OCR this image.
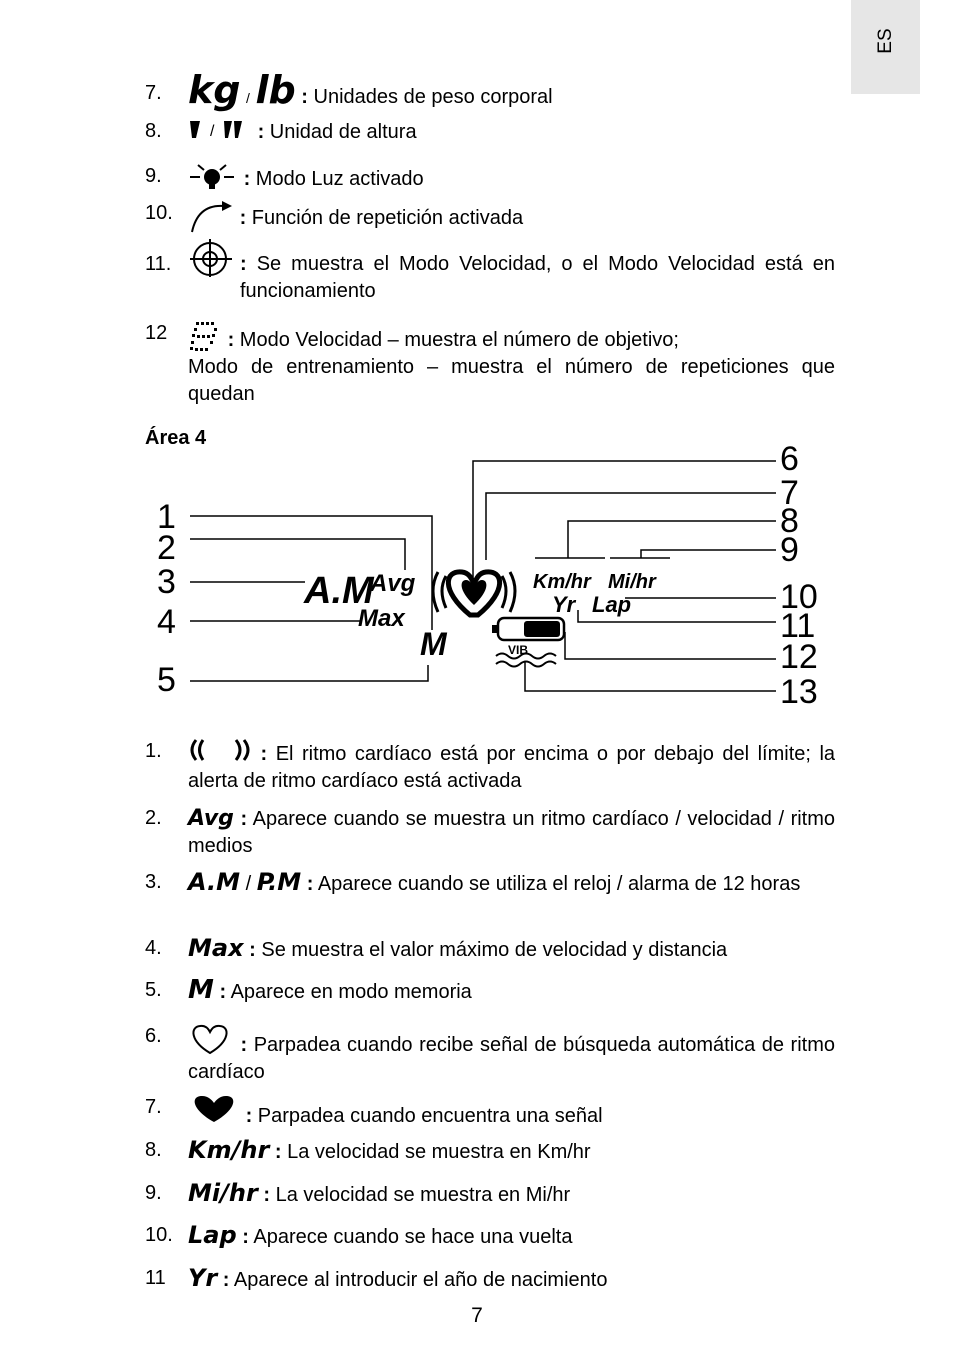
ES
7. kg / lb : Unidades de peso corporal
8.	/ : Unidad de altura
9.	: Modo Luz activado
10.	: Función de repetición activada
11.	: Se muestra el Modo Velocidad, o el Modo Velocidad está en funcionamiento
12	: Modo Velocidad – muestra el número de objetivo;
Modo de entrenamiento – muestra el número de repeticiones que quedan
Área 4
1
2
3
4
5
6
7
8
9
10
11
12
13
A.M
Avg
Max
M
Km/hr Mi/hr
Yr Lap
VIB
1.	: El ritmo cardíaco está por encima o por debajo del límite; la alerta de ritmo cardíaco está activada
2. Avg : Aparece cuando se muestra un ritmo cardíaco / velocidad / ritmo medios
3. A.M / P.M : Aparece cuando se utiliza el reloj / alarma de 12 horas
4. Max : Se muestra el valor máximo de velocidad y distancia
5. M : Aparece en modo memoria
6.	: Parpadea cuando recibe señal de búsqueda automática de ritmo cardíaco
7.	: Parpadea cuando encuentra una señal
8. Km/hr : La velocidad se muestra en Km/hr
9. Mi/hr : La velocidad se muestra en Mi/hr
10. Lap : Aparece cuando se hace una vuelta
11 Yr : Aparece al introducir el año de nacimiento
7
